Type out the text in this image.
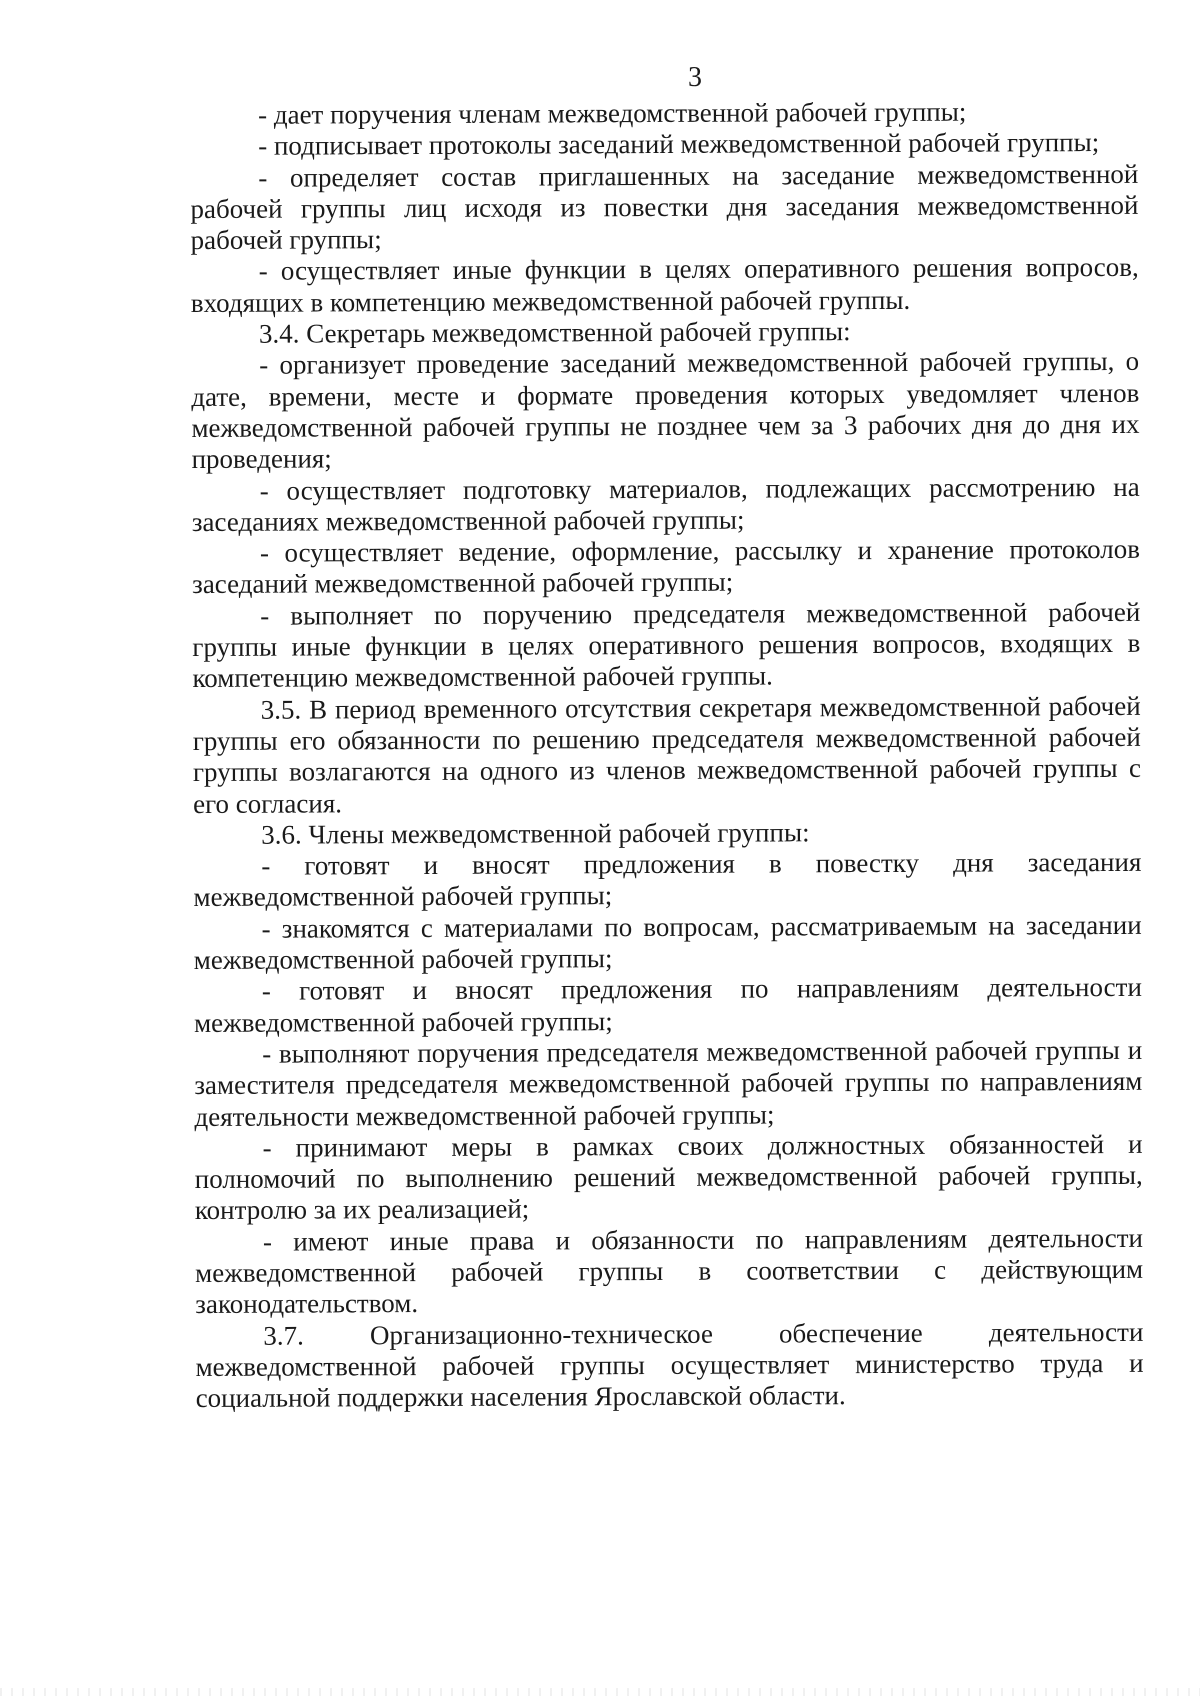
3

- дает поручения членам межведомственной рабочей группы;

- подписывает протоколы заседаний межведомственной рабочей группы;

- определяет состав приглашенных на заседание межведомственной рабочей группы лиц исходя из повестки дня заседания межведомственной рабочей группы;

- осуществляет иные функции в целях оперативного решения вопросов, входящих в компетенцию межведомственной рабочей группы.

3.4. Секретарь межведомственной рабочей группы:

- организует проведение заседаний межведомственной рабочей группы, о дате, времени, месте и формате проведения которых уведомляет членов межведомственной рабочей группы не позднее чем за 3 рабочих дня до дня их проведения;

- осуществляет подготовку материалов, подлежащих рассмотрению на заседаниях межведомственной рабочей группы;

- осуществляет ведение, оформление, рассылку и хранение протоколов заседаний межведомственной рабочей группы;

- выполняет по поручению председателя межведомственной рабочей группы иные функции в целях оперативного решения вопросов, входящих в компетенцию межведомственной рабочей группы.

3.5. В период временного отсутствия секретаря межведомственной рабочей группы его обязанности по решению председателя межведомственной рабочей группы возлагаются на одного из членов межведомственной рабочей группы с его согласия.

3.6. Члены межведомственной рабочей группы:

- готовят и вносят предложения в повестку дня заседания межведомственной рабочей группы;

- знакомятся с материалами по вопросам, рассматриваемым на заседании межведомственной рабочей группы;

- готовят и вносят предложения по направлениям деятельности межведомственной рабочей группы;

- выполняют поручения председателя межведомственной рабочей группы и заместителя председателя межведомственной рабочей группы по направлениям деятельности межведомственной рабочей группы;

- принимают меры в рамках своих должностных обязанностей и полномочий по выполнению решений межведомственной рабочей группы, контролю за их реализацией;

- имеют иные права и обязанности по направлениям деятельности межведомственной рабочей группы в соответствии с действующим законодательством.

3.7. Организационно-техническое обеспечение деятельности межведомственной рабочей группы осуществляет министерство труда и социальной поддержки населения Ярославской области.
